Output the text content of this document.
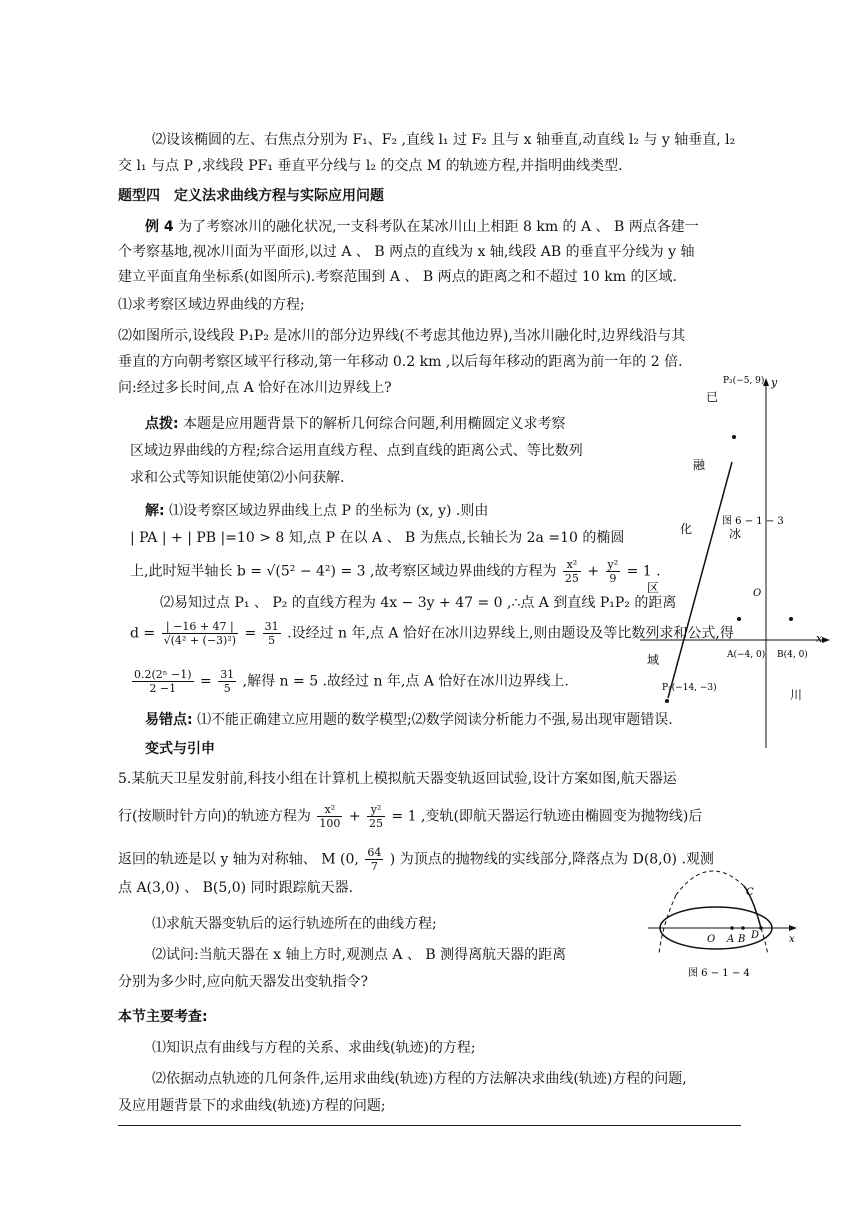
⑵设该椭圆的左、右焦点分别为 F₁、F₂ ,直线 l₁ 过 F₂ 且与 x 轴垂直,动直线 l₂ 与 y 轴垂直, l₂
交 l₁ 与点 P ,求线段 PF₁ 垂直平分线与 l₂ 的交点 M 的轨迹方程,并指明曲线类型.
题型四　定义法求曲线方程与实际应用问题
例 4 为了考察冰川的融化状况,一支科考队在某冰川山上相距 8 km 的 A 、 B 两点各建一
个考察基地,视冰川面为平面形,以过 A 、 B 两点的直线为 x 轴,线段 AB 的垂直平分线为 y 轴
建立平面直角坐标系(如图所示).考察范围到 A 、 B 两点的距离之和不超过 10 km 的区域.
⑴求考察区域边界曲线的方程;
⑵如图所示,设线段 P₁P₂ 是冰川的部分边界线(不考虑其他边界),当冰川融化时,边界线沿与其
垂直的方向朝考察区域平行移动,第一年移动 0.2 km ,以后每年移动的距离为前一年的 2 倍.
问:经过多长时间,点 A 恰好在冰川边界线上?
点拨: 本题是应用题背景下的解析几何综合问题,利用椭圆定义求考察
区域边界曲线的方程;综合运用直线方程、点到直线的距离公式、等比数列
求和公式等知识能使第⑵小问获解.
解: ⑴设考察区域边界曲线上点 P 的坐标为 (x, y) .则由
| PA | + | PB |=10 > 8 知,点 P 在以 A 、 B 为焦点,长轴长为 2a =10 的椭圆
上,此时短半轴长 b = √(5² − 4²) = 3 ,故考察区域边界曲线的方程为 $\frac{\text{x²}}{25} + \frac{\text{y²}}{9} = 1$ .
⑵易知过点 P₁ 、 P₂ 的直线方程为 4x − 3y + 47 = 0 ,∴点 A 到直线 P₁P₂ 的距离
$d = \frac{| -16 + 47 |}{\text{√(4² + (−3)²)}} = \frac{31}{5}$ .设经过 n 年,点 A 恰好在冰川边界线上,则由题设及等比数列求和公式,得
$\frac{\text{0.2(2ⁿ −1)}}{2 -1} = \frac{31}{5}$ ,解得 n = 5 .故经过 n 年,点 A 恰好在冰川边界线上.
易错点: ⑴不能正确建立应用题的数学模型;⑵数学阅读分析能力不强,易出现审题错误.
变式与引申
5.某航天卫星发射前,科技小组在计算机上模拟航天器变轨返回试验,设计方案如图,航天器运
行(按顺时针方向)的轨迹方程为 $\frac{\text{x²}}{100} + \frac{\text{y²}}{25} = 1$ ,变轨(即航天器运行轨迹由椭圆变为抛物线)后
返回的轨迹是以 y 轴为对称轴、 M (0, $\frac{64}{7}$ ) 为顶点的抛物线的实线部分,降落点为 D(8,0) .观测
点 A(3,0) 、 B(5,0) 同时跟踪航天器.
⑴求航天器变轨后的运行轨迹所在的曲线方程;
⑵试问:当航天器在 x 轴上方时,观测点 A 、 B 测得离航天器的距离
分别为多少时,应向航天器发出变轨指令?
本节主要考查:
⑴知识点有曲线与方程的关系、求曲线(轨迹)的方程;
⑵依据动点轨迹的几何条件,运用求曲线(轨迹)方程的方法解决求曲线(轨迹)方程的问题,
及应用题背景下的求曲线(轨迹)方程的问题;
y
x
P₂(−5, 9)
O
A(−4, 0) B(4, 0)
P₁(−14, −3)
图 6 − 1 − 3
已
融
化	冰
区
域
川
C
O A B D	x
图 6 − 1 − 4
